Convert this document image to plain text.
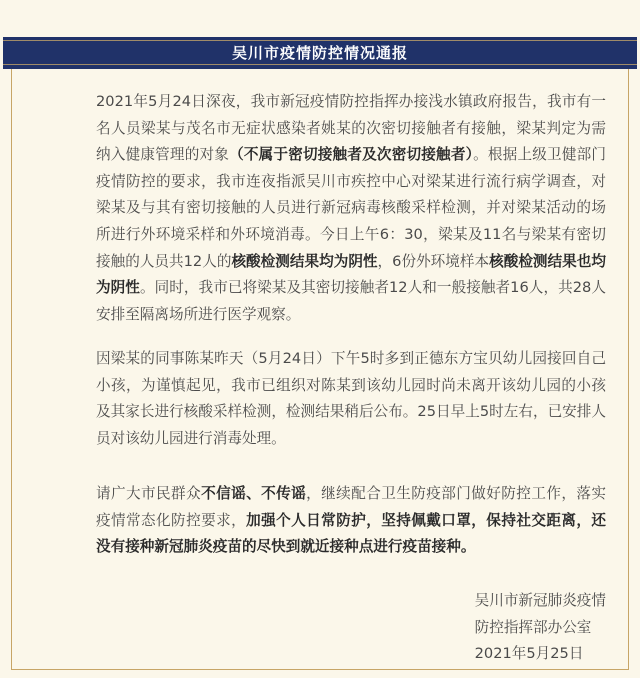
吴川市疫情防控情况通报

2021年5月24日深夜，我市新冠疫情防控指挥办接浅水镇政府报告，我市有一名人员梁某与茂名市无症状感染者姚某的次密切接触者有接触，梁某判定为需纳入健康管理的对象（不属于密切接触者及次密切接触者）。根据上级卫健部门疫情防控的要求，我市连夜指派吴川市疾控中心对梁某进行流行病学调查，对梁某及与其有密切接触的人员进行新冠病毒核酸采样检测，并对梁某活动的场所进行外环境采样和外环境消毒。今日上午6：30，梁某及11名与梁某有密切接触的人员共12人的核酸检测结果均为阴性，6份外环境样本核酸检测结果也均为阴性。同时，我市已将梁某及其密切接触者12人和一般接触者16人，共28人安排至隔离场所进行医学观察。

因梁某的同事陈某昨天（5月24日）下午5时多到正德东方宝贝幼儿园接回自己小孩，为谨慎起见，我市已组织对陈某到该幼儿园时尚未离开该幼儿园的小孩及其家长进行核酸采样检测，检测结果稍后公布。25日早上5时左右，已安排人员对该幼儿园进行消毒处理。

请广大市民群众不信谣、不传谣，继续配合卫生防疫部门做好防控工作，落实疫情常态化防控要求，加强个人日常防护，坚持佩戴口罩，保持社交距离，还没有接种新冠肺炎疫苗的尽快到就近接种点进行疫苗接种。

吴川市新冠肺炎疫情
防控指挥部办公室
2021年5月25日
